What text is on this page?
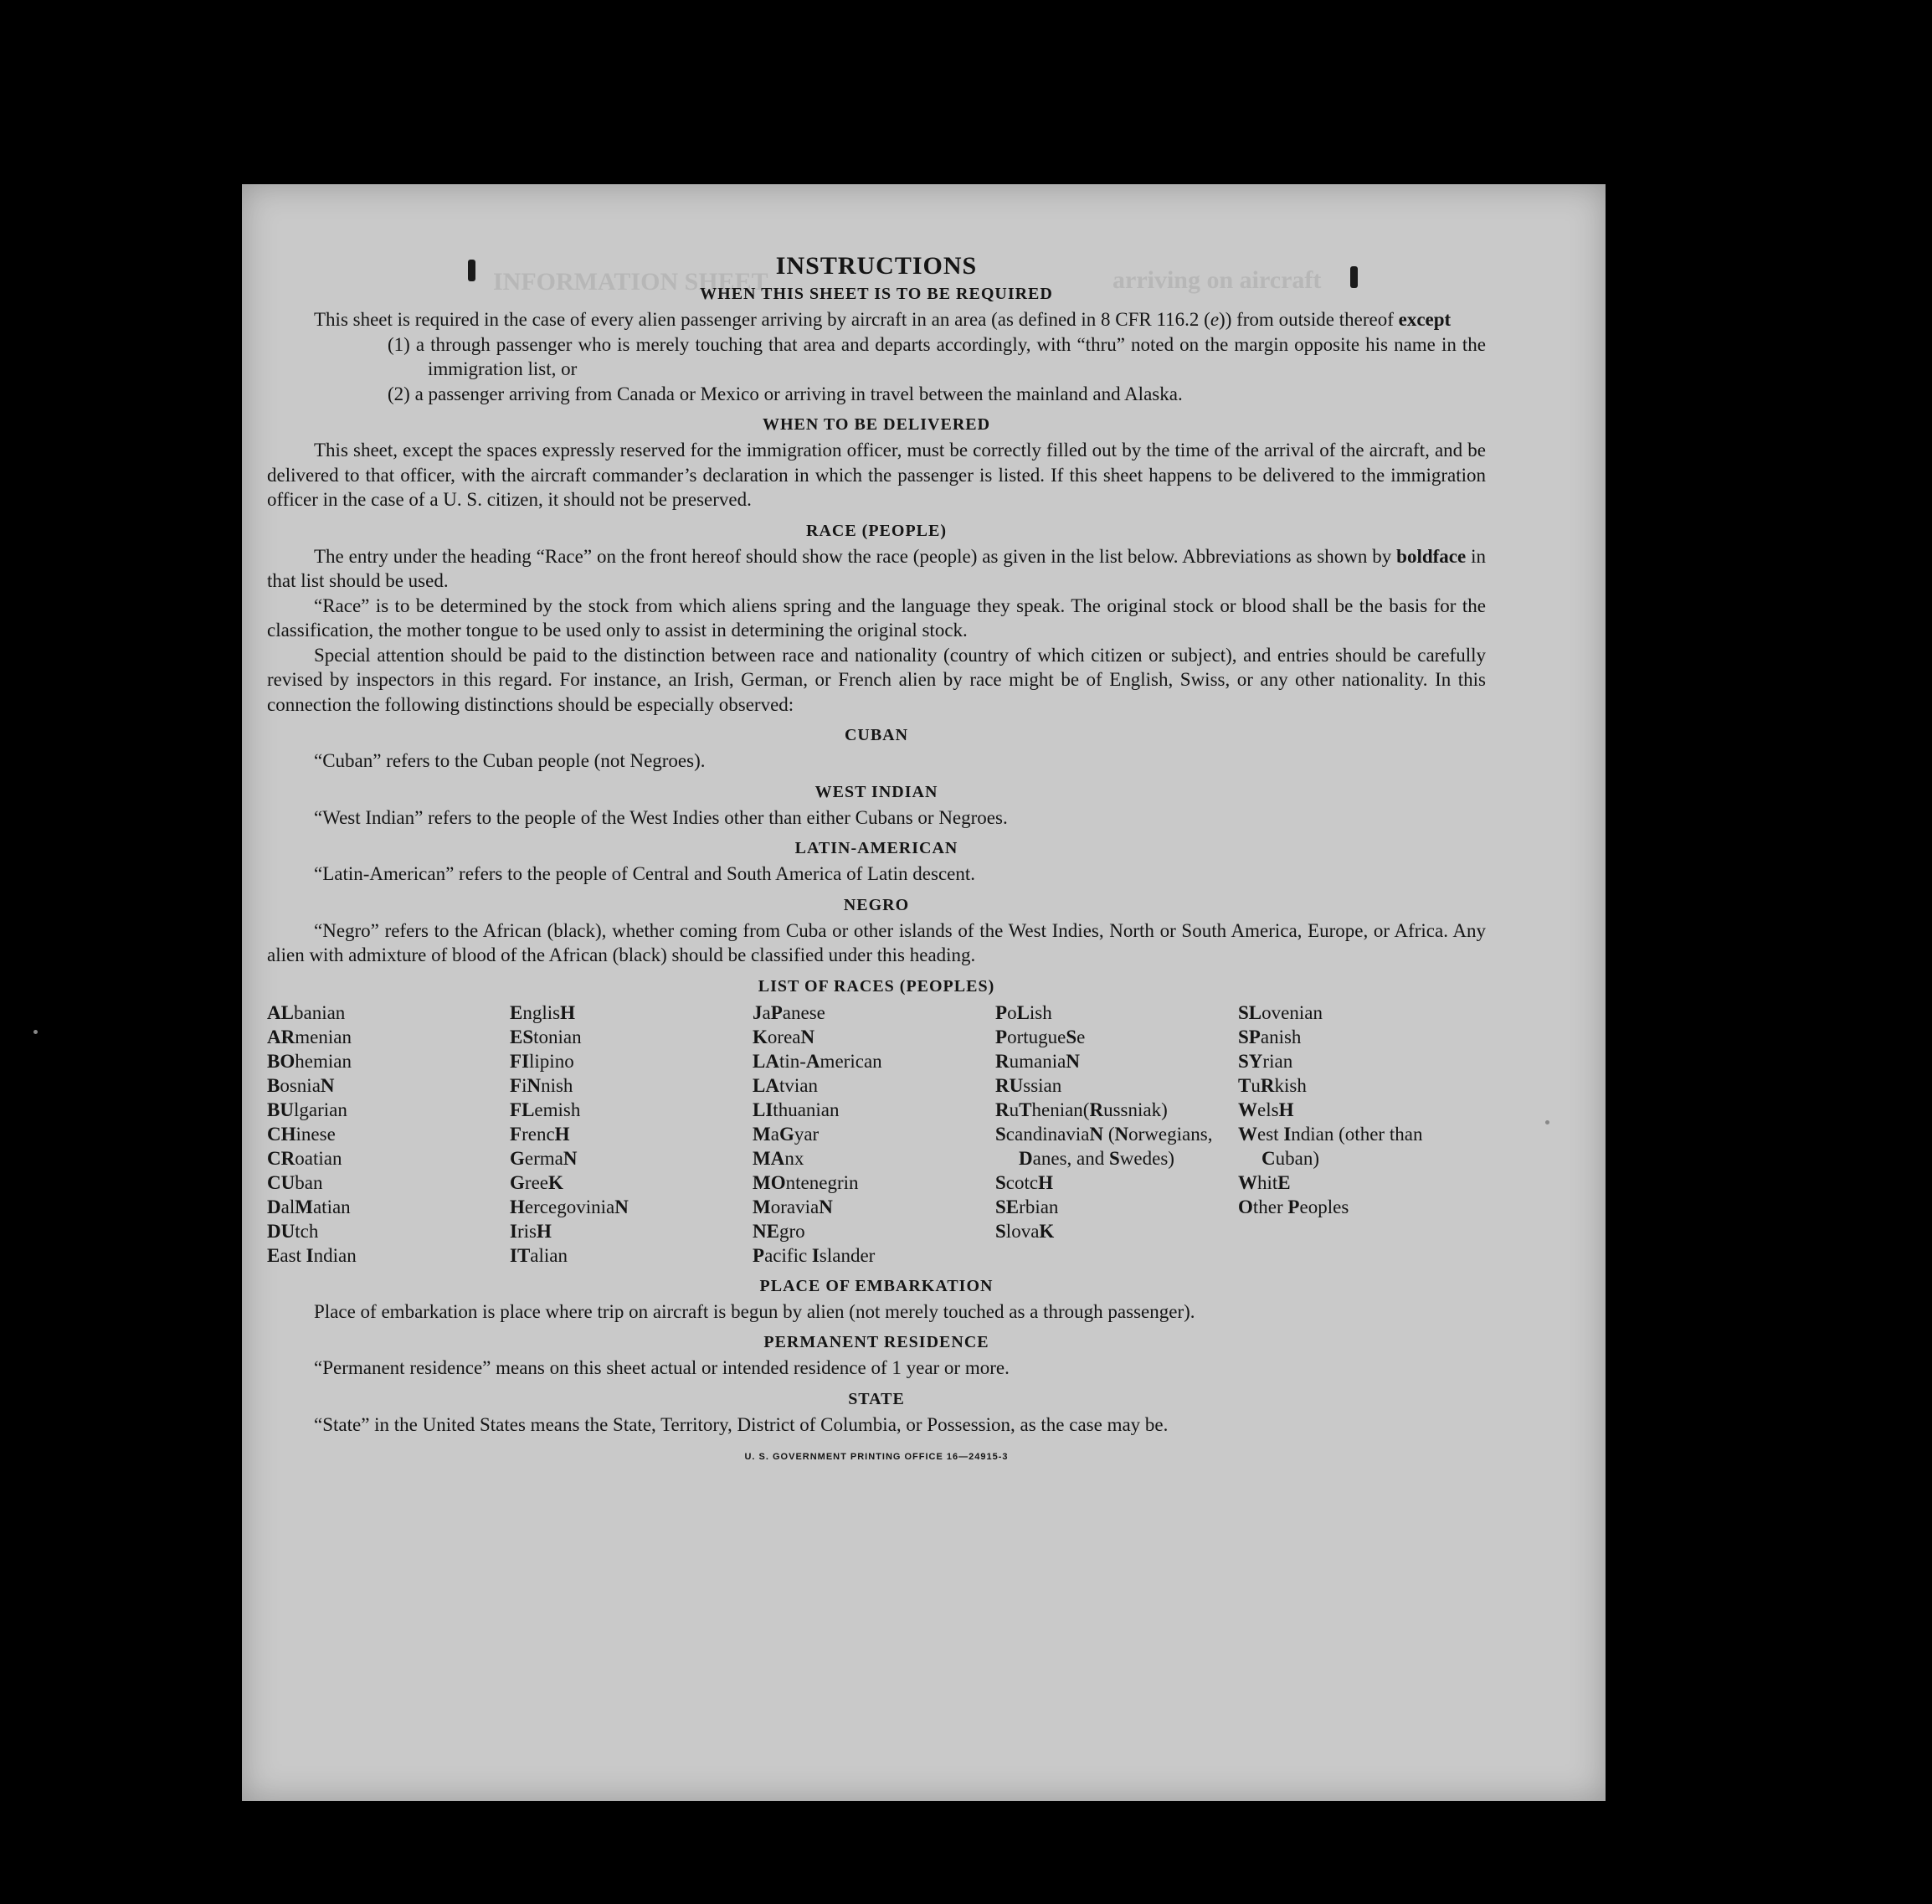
INFORMATION SHEET	arriving on aircraft
INSTRUCTIONS
WHEN THIS SHEET IS TO BE REQUIRED

This sheet is required in the case of every alien passenger arriving by aircraft in an area (as defined in 8 CFR 116.2 (e)) from outside thereof except

(1) a through passenger who is merely touching that area and departs accordingly, with “thru” noted on the margin opposite his name in the immigration list, or

(2) a passenger arriving from Canada or Mexico or arriving in travel between the mainland and Alaska.

WHEN TO BE DELIVERED

This sheet, except the spaces expressly reserved for the immigration officer, must be correctly filled out by the time of the arrival of the aircraft, and be delivered to that officer, with the aircraft commander’s declaration in which the passenger is listed. If this sheet happens to be delivered to the immigration officer in the case of a U. S. citizen, it should not be preserved.

RACE (PEOPLE)

The entry under the heading “Race” on the front hereof should show the race (people) as given in the list below. Abbreviations as shown by boldface in that list should be used.

“Race” is to be determined by the stock from which aliens spring and the language they speak. The original stock or blood shall be the basis for the classification, the mother tongue to be used only to assist in determining the original stock.

Special attention should be paid to the distinction between race and nationality (country of which citizen or subject), and entries should be carefully revised by inspectors in this regard. For instance, an Irish, German, or French alien by race might be of English, Swiss, or any other nationality. In this connection the following distinctions should be especially observed:

CUBAN

“Cuban” refers to the Cuban people (not Negroes).

WEST INDIAN

“West Indian” refers to the people of the West Indies other than either Cubans or Negroes.

LATIN-AMERICAN

“Latin-American” refers to the people of Central and South America of Latin descent.

NEGRO

“Negro” refers to the African (black), whether coming from Cuba or other islands of the West Indies, North or South America, Europe, or Africa. Any alien with admixture of blood of the African (black) should be classified under this heading.

LIST OF RACES (PEOPLES)
ALbanian
ARmenian
BOhemian
BosniaN
BUlgarian
CHinese
CRoatian
CUban
DalMatian
DUtch
East Indian
EnglisH
EStonian
FIlipino
FiNnish
FLemish
FrencH
GermaN
GreeK
HercegoviniaN
IrisH
ITalian
JaPanese
KoreaN
LAtin-American
LAtvian
LIthuanian
MaGyar
MAnx
MOntenegrin
MoraviaN
NEgro
Pacific Islander
PoLish
PortugueSe
RumaniaN
RUssian
RuThenian(Russniak)
ScandinaviaN (Norwegians, Danes, and Swedes)
ScotcH
SErbian
SlovaK
SLovenian
SPanish
SYrian
TuRkish
WelsH
West Indian (other than Cuban)
WhitE
Other Peoples
PLACE OF EMBARKATION

Place of embarkation is place where trip on aircraft is begun by alien (not merely touched as a through passenger).

PERMANENT RESIDENCE

“Permanent residence” means on this sheet actual or intended residence of 1 year or more.

STATE

“State” in the United States means the State, Territory, District of Columbia, or Possession, as the case may be.

U. S. GOVERNMENT PRINTING OFFICE 16—24915-3
